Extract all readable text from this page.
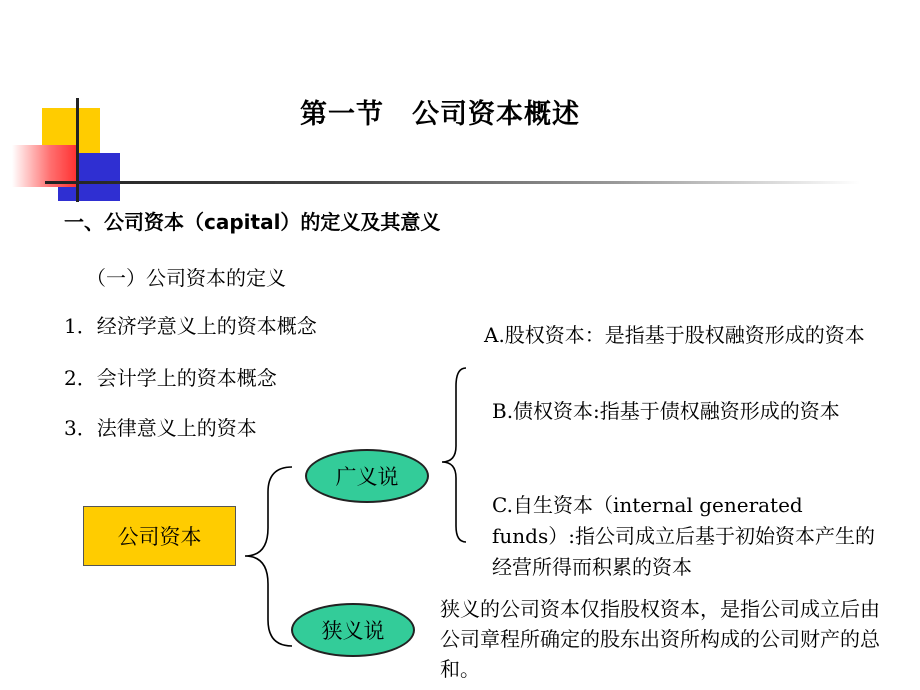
第一节　公司资本概述
一、公司资本（capital）的定义及其意义
（一）公司资本的定义
1．经济学意义上的资本概念
2．会计学上的资本概念
3．法律意义上的资本
公司资本
广义说
狭义说
A.股权资本：是指基于股权融资形成的资本
B.债权资本:指基于债权融资形成的资本
C.自生资本（internal generated funds）:指公司成立后基于初始资本产生的经营所得而积累的资本
狭义的公司资本仅指股权资本，是指公司成立后由公司章程所确定的股东出资所构成的公司财产的总和。
